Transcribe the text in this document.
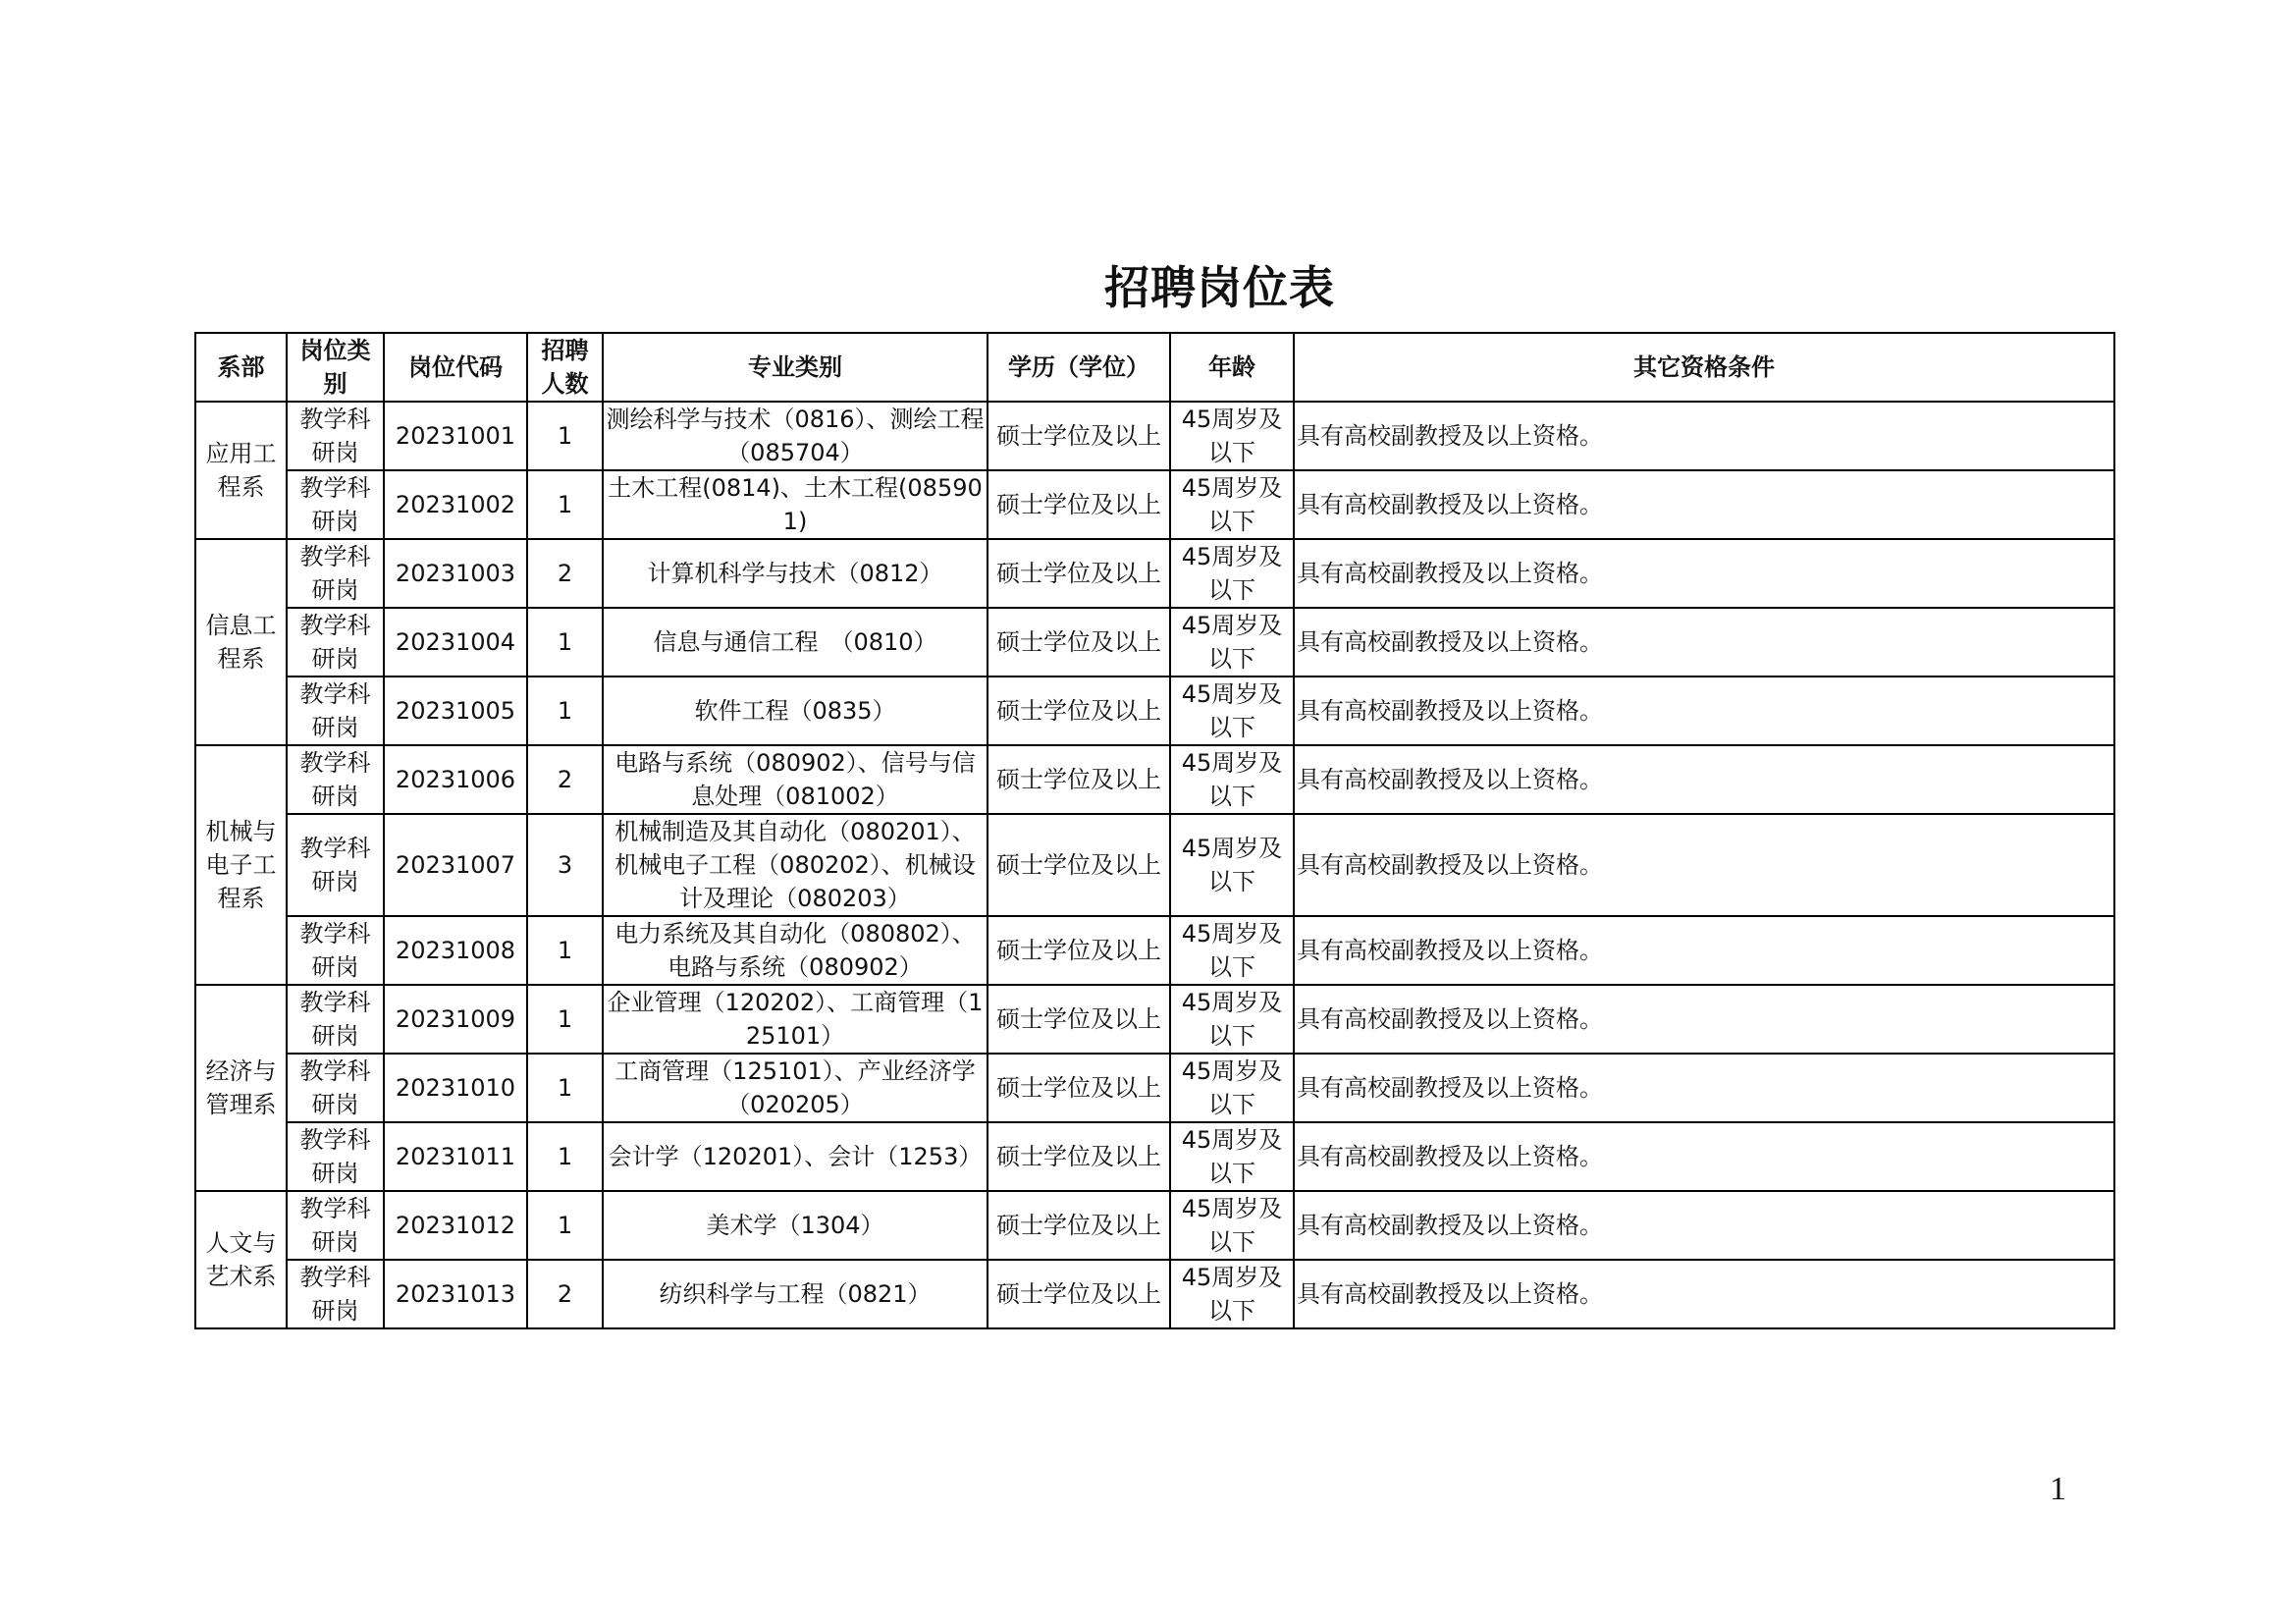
招聘岗位表
系部	岗位类别	岗位代码	招聘人数	专业类别	学历（学位）	年龄	其它资格条件
应用工程系	教学科研岗	20231001	1	测绘科学与技术（0816）、测绘工程（085704）	硕士学位及以上	45周岁及以下	具有高校副教授及以上资格。
	教学科研岗	20231002	1	土木工程(0814)、土木工程(085901)	硕士学位及以上	45周岁及以下	具有高校副教授及以上资格。
信息工程系	教学科研岗	20231003	2	计算机科学与技术（0812）	硕士学位及以上	45周岁及以下	具有高校副教授及以上资格。
	教学科研岗	20231004	1	信息与通信工程　（0810）	硕士学位及以上	45周岁及以下	具有高校副教授及以上资格。
	教学科研岗	20231005	1	软件工程（0835）	硕士学位及以上	45周岁及以下	具有高校副教授及以上资格。
机械与电子工程系	教学科研岗	20231006	2	电路与系统（080902）、信号与信息处理（081002）	硕士学位及以上	45周岁及以下	具有高校副教授及以上资格。
	教学科研岗	20231007	3	机械制造及其自动化（080201）、机械电子工程（080202）、机械设计及理论（080203）	硕士学位及以上	45周岁及以下	具有高校副教授及以上资格。
	教学科研岗	20231008	1	电力系统及其自动化（080802）、电路与系统（080902）	硕士学位及以上	45周岁及以下	具有高校副教授及以上资格。
经济与管理系	教学科研岗	20231009	1	企业管理（120202）、工商管理（125101）	硕士学位及以上	45周岁及以下	具有高校副教授及以上资格。
	教学科研岗	20231010	1	工商管理（125101）、产业经济学（020205）	硕士学位及以上	45周岁及以下	具有高校副教授及以上资格。
	教学科研岗	20231011	1	会计学（120201）、会计（1253）	硕士学位及以上	45周岁及以下	具有高校副教授及以上资格。
人文与艺术系	教学科研岗	20231012	1	美术学（1304）	硕士学位及以上	45周岁及以下	具有高校副教授及以上资格。
	教学科研岗	20231013	2	纺织科学与工程（0821）	硕士学位及以上	45周岁及以下	具有高校副教授及以上资格。
1
